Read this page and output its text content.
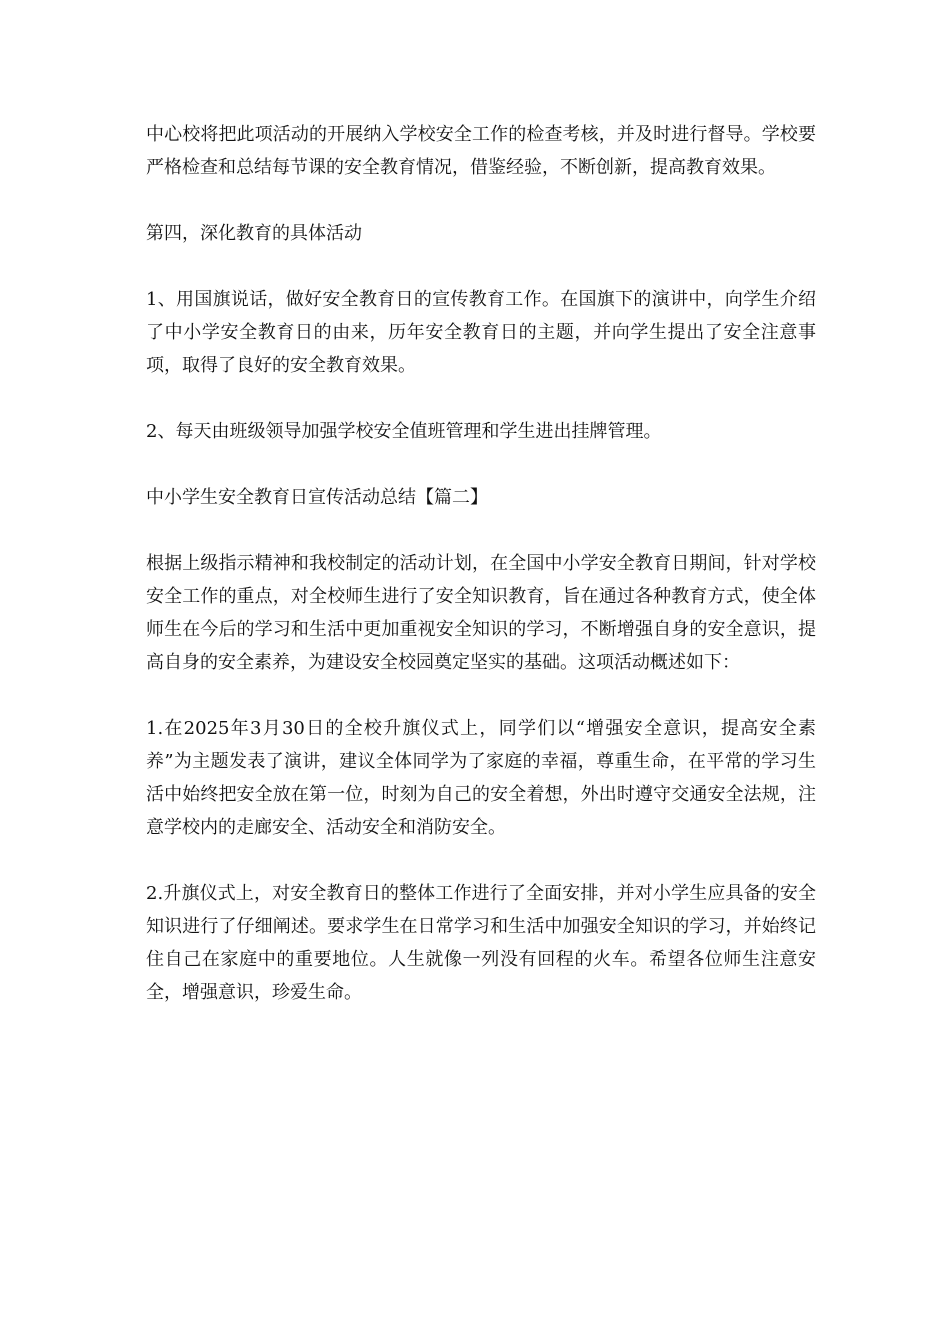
中心校将把此项活动的开展纳入学校安全工作的检查考核，并及时进行督导。学校要严格检查和总结每节课的安全教育情况，借鉴经验，不断创新，提高教育效果。

第四，深化教育的具体活动

1、用国旗说话，做好安全教育日的宣传教育工作。在国旗下的演讲中，向学生介绍了中小学安全教育日的由来，历年安全教育日的主题，并向学生提出了安全注意事项，取得了良好的安全教育效果。

2、每天由班级领导加强学校安全值班管理和学生进出挂牌管理。

中小学生安全教育日宣传活动总结【篇二】

根据上级指示精神和我校制定的活动计划，在全国中小学安全教育日期间，针对学校安全工作的重点，对全校师生进行了安全知识教育，旨在通过各种教育方式，使全体师生在今后的学习和生活中更加重视安全知识的学习，不断增强自身的安全意识，提高自身的安全素养，为建设安全校园奠定坚实的基础。这项活动概述如下：

1.在2025年3月30日的全校升旗仪式上，同学们以“增强安全意识，提高安全素养”为主题发表了演讲，建议全体同学为了家庭的幸福，尊重生命，在平常的学习生活中始终把安全放在第一位，时刻为自己的安全着想，外出时遵守交通安全法规，注意学校内的走廊安全、活动安全和消防安全。

2.升旗仪式上，对安全教育日的整体工作进行了全面安排，并对小学生应具备的安全知识进行了仔细阐述。要求学生在日常学习和生活中加强安全知识的学习，并始终记住自己在家庭中的重要地位。人生就像一列没有回程的火车。希望各位师生注意安全，增强意识，珍爱生命。
